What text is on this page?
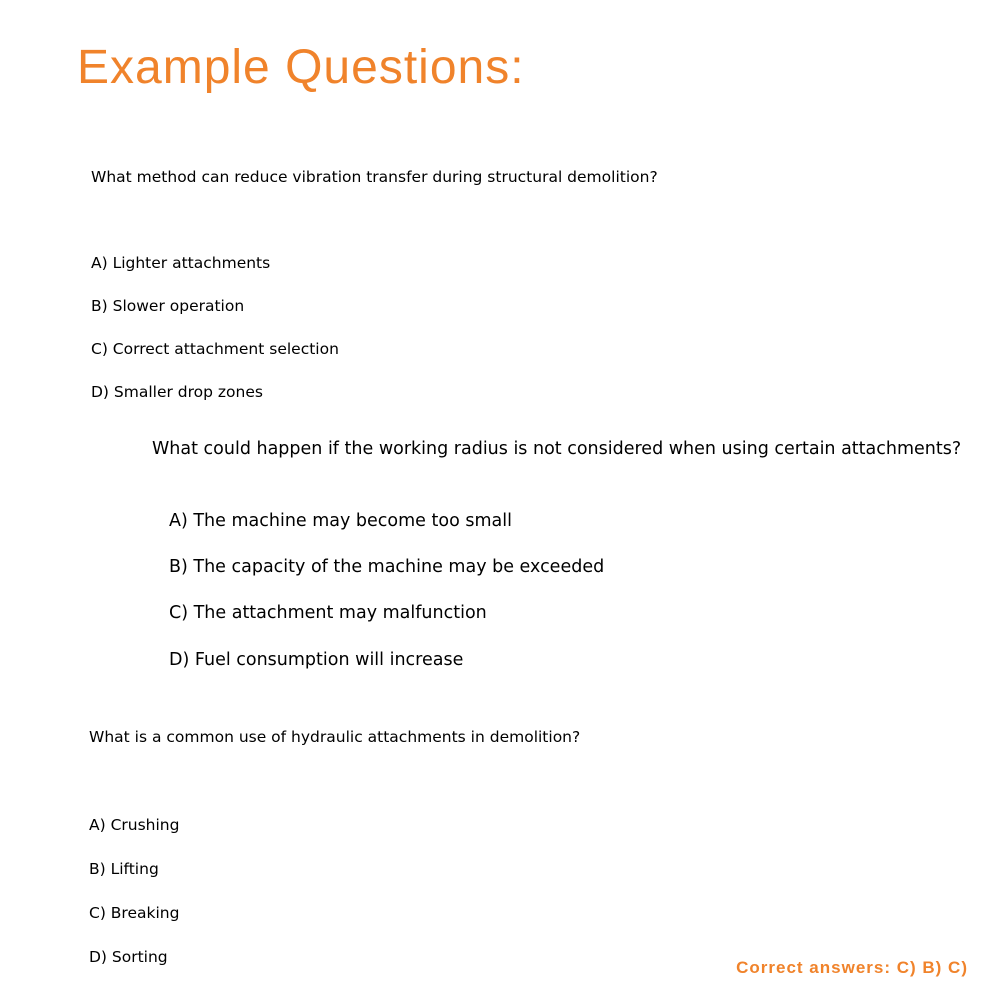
Example Questions:
What method can reduce vibration transfer during structural demolition?
A) Lighter attachments
B) Slower operation
C) Correct attachment selection
D) Smaller drop zones
What could happen if the working radius is not considered when using certain attachments?
A) The machine may become too small
B) The capacity of the machine may be exceeded
C) The attachment may malfunction
D) Fuel consumption will increase
What is a common use of hydraulic attachments in demolition?
A) Crushing
B) Lifting
C) Breaking
D) Sorting
Correct answers: C) B) C)
